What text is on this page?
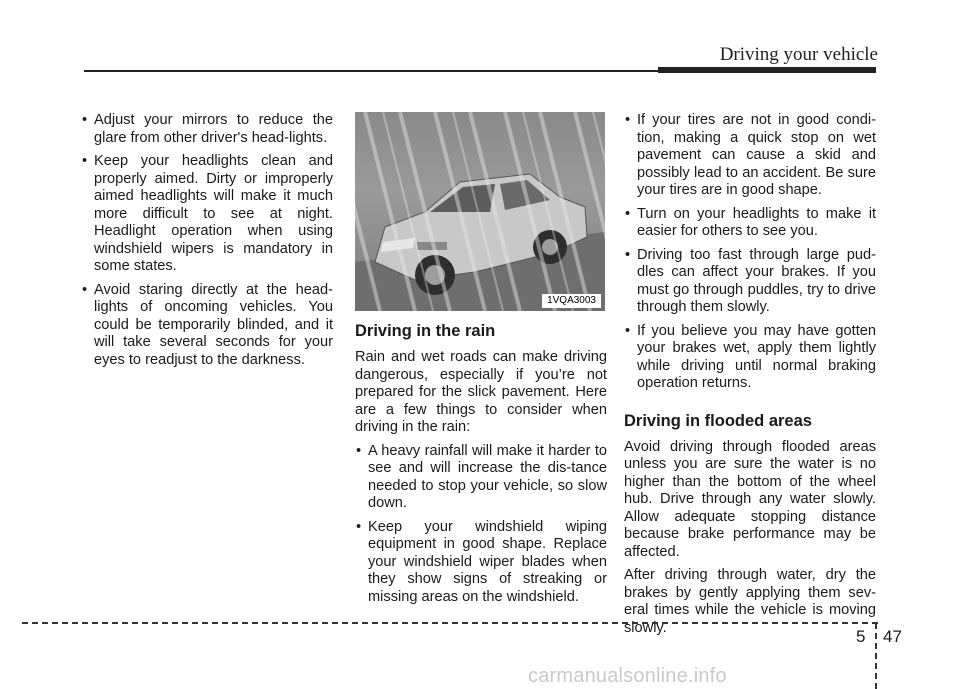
Driving your vehicle
• Adjust your mirrors to reduce the glare from other driver's head-lights.
• Keep your headlights clean and properly aimed. Dirty or improperly aimed headlights will make it much more difficult to see at night. Headlight operation when using windshield wipers is mandatory in some states.
• Avoid staring directly at the head-lights of oncoming vehicles. You could be temporarily blinded, and it will take several seconds for your eyes to readjust to the darkness.
1VQA3003
Driving in the rain

Rain and wet roads can make driving dangerous, especially if you’re not prepared for the slick pavement. Here are a few things to consider when driving in the rain:

• A heavy rainfall will make it harder to see and will increase the dis-tance needed to stop your vehicle, so slow down.
• Keep your windshield wiping equipment in good shape. Replace your windshield wiper blades when they show signs of streaking or missing areas on the windshield.
• If your tires are not in good condi-tion, making a quick stop on wet pavement can cause a skid and possibly lead to an accident. Be sure your tires are in good shape.
• Turn on your headlights to make it easier for others to see you.
• Driving too fast through large pud-dles can affect your brakes. If you must go through puddles, try to drive through them slowly.
• If you believe you may have gotten your brakes wet, apply them lightly while driving until normal braking operation returns.
Driving in flooded areas

Avoid driving through flooded areas unless you are sure the water is no higher than the bottom of the wheel hub. Drive through any water slowly. Allow adequate stopping distance because brake performance may be affected.

After driving through water, dry the brakes by gently applying them sev-eral times while the vehicle is moving slowly.	5 47
carmanualsonline.info
